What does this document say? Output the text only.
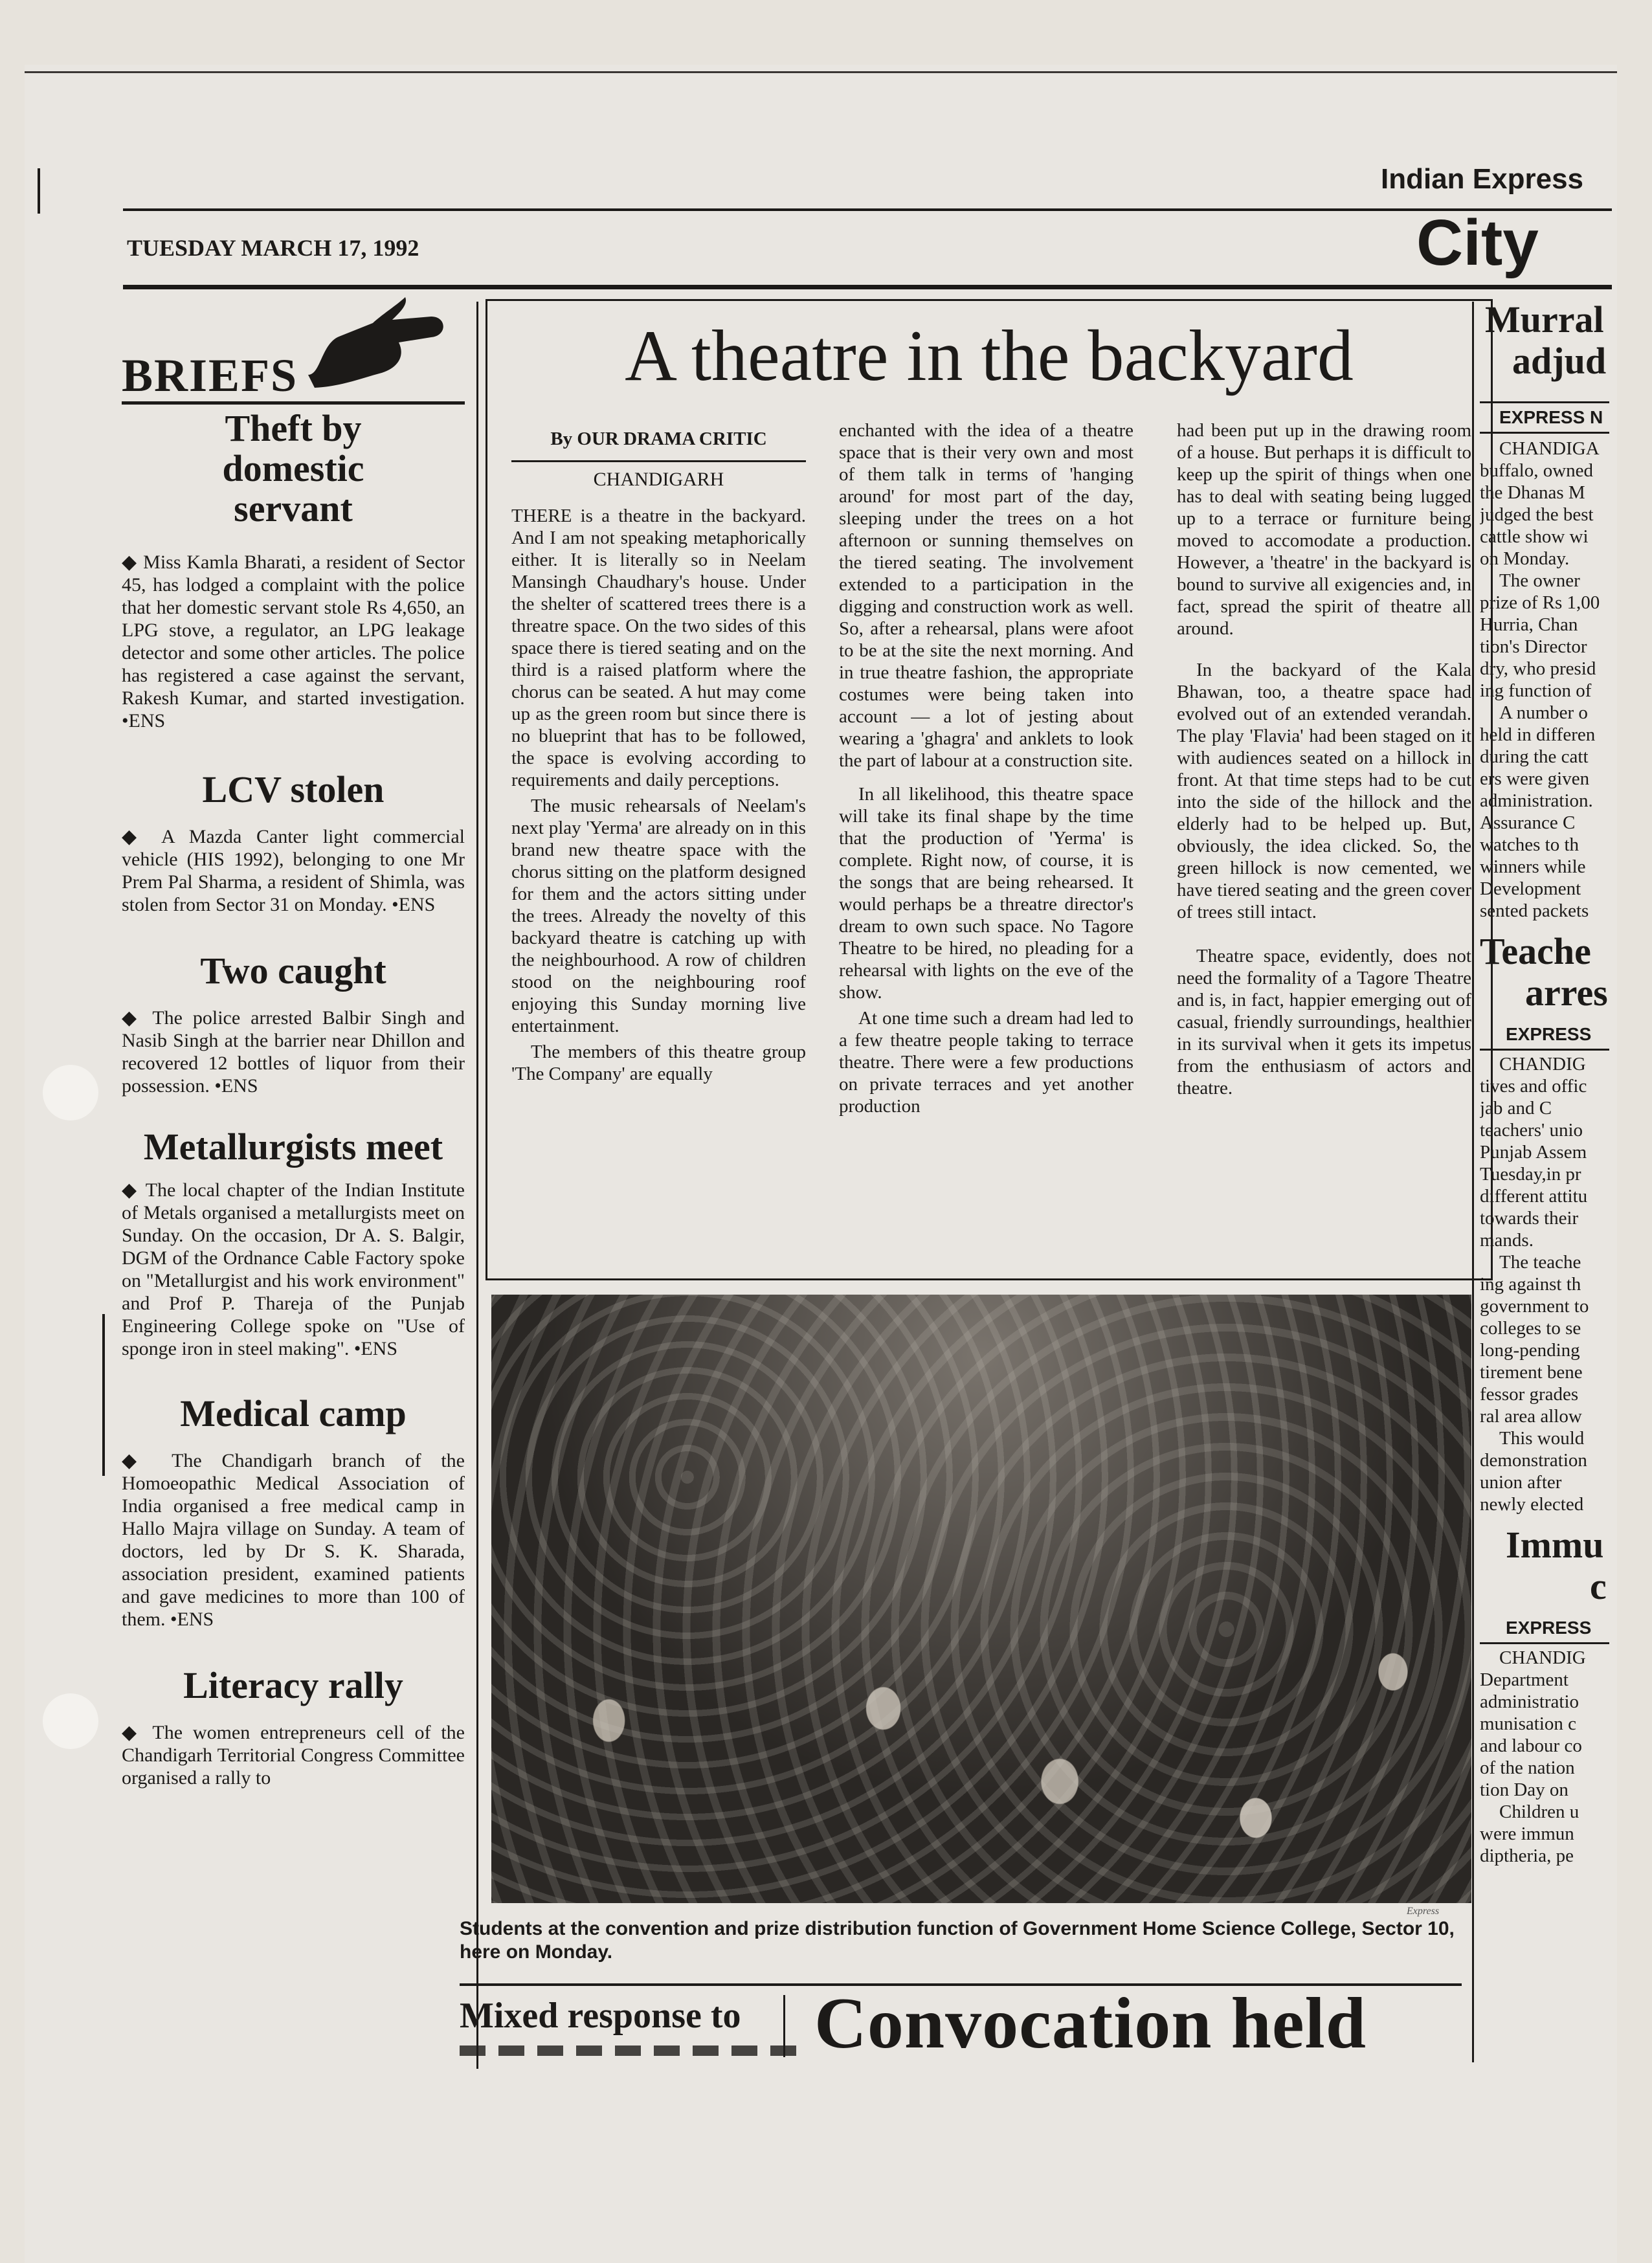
Indian Express
TUESDAY MARCH 17, 1992	City
BRIEFS

Theft by domestic servant

◆ Miss Kamla Bharati, a resident of Sector 45, has lodged a complaint with the police that her domestic servant stole Rs 4,650, an LPG stove, a regulator, an LPG leakage detector and some other articles. The police has registered a case against the servant, Rakesh Kumar, and started investigation. •ENS

LCV stolen

◆ A Mazda Canter light commercial vehicle (HIS 1992), belonging to one Mr Prem Pal Sharma, a resident of Shimla, was stolen from Sector 31 on Monday. •ENS

Two caught

◆ The police arrested Balbir Singh and Nasib Singh at the barrier near Dhillon and recovered 12 bottles of liquor from their possession. •ENS

Metallurgists meet

◆ The local chapter of the Indian Institute of Metals organised a metallurgists meet on Sunday. On the occasion, Dr A. S. Balgir, DGM of the Ordnance Cable Factory spoke on "Metallurgist and his work environment" and Prof P. Thareja of the Punjab Engineering College spoke on "Use of sponge iron in steel making". •ENS

Medical camp

◆ The Chandigarh branch of the Homoeopathic Medical Association of India organised a free medical camp in Hallo Majra village on Sunday. A team of doctors, led by Dr S. K. Sharada, association president, examined patients and gave medicines to more than 100 of them. •ENS

Literacy rally

◆ The women entrepreneurs cell of the Chandigarh Territorial Congress Committee organised a rally to

A theatre in the backyard
By OUR DRAMA CRITIC
CHANDIGARH

THERE is a theatre in the backyard. And I am not speaking metaphorically either. It is literally so in Neelam Mansingh Chaudhary's house. Under the shelter of scattered trees there is a threatre space. On the two sides of this space there is tiered seating and on the third is a raised platform where the chorus can be seated. A hut may come up as the green room but since there is no blueprint that has to be followed, the space is evolving according to requirements and daily perceptions.

The music rehearsals of Neelam's next play 'Yerma' are already on in this brand new theatre space with the chorus sitting on the platform designed for them and the actors sitting under the trees. Already the novelty of this backyard theatre is catching up with the neighbourhood. A row of children stood on the neighbouring roof enjoying this Sunday morning live entertainment.

The members of this theatre group 'The Company' are equally

enchanted with the idea of a theatre space that is their very own and most of them talk in terms of 'hanging around' for most part of the day, sleeping under the trees on a hot afternoon or sunning themselves on the tiered seating. The involvement extended to a participation in the digging and construction work as well. So, after a rehearsal, plans were afoot to be at the site the next morning. And in true theatre fashion, the appropriate costumes were being taken into account — a lot of jesting about wearing a 'ghagra' and anklets to look the part of labour at a construction site.

In all likelihood, this theatre space will take its final shape by the time that the production of 'Yerma' is complete. Right now, of course, it is the songs that are being rehearsed. It would perhaps be a threatre director's dream to own such space. No Tagore Theatre to be hired, no pleading for a rehearsal with lights on the eve of the show.

At one time such a dream had led to a few theatre people taking to terrace theatre. There were a few productions on private terraces and yet another production

had been put up in the drawing room of a house. But perhaps it is difficult to keep up the spirit of things when one has to deal with seating being lugged up to a terrace or furniture being moved to accomodate a production. However, a 'theatre' in the backyard is bound to survive all exigencies and, in fact, spread the spirit of theatre all around.

In the backyard of the Kala Bhawan, too, a theatre space had evolved out of an extended verandah. The play 'Flavia' had been staged on it with audiences seated on a hillock in front. At that time steps had to be cut into the side of the hillock and the elderly had to be helped up. But, obviously, the idea clicked. So, the green hillock is now cemented, we have tiered seating and the green cover of trees still intact.

Theatre space, evidently, does not need the formality of a Tagore Theatre and is, in fact, happier emerging out of casual, friendly surroundings, healthier in its survival when it gets its impetus from the enthusiasm of actors and theatre.

Express
Students at the convention and prize distribution function of Government Home Science College, Sector 10, here on Monday.
Mixed response to Convocation held
Murral
adjud
EXPRESS N
CHANDIGA
buffalo, owned
the Dhanas M
judged the best
cattle show wi
on Monday.
The owner
prize of Rs 1,00
Hurria, Chan
tion's Director
dry, who presid
ing function of
A number o
held in differen
during the catt
ers were given
administration.
Assurance C
watches to th
winners while
Development
sented packets
Teache
arres
EXPRESS
CHANDIG
tives and offic
jab and C
teachers' unio
Punjab Assem
Tuesday,in pr
different attitu
towards their
mands.
The teache
ing against th
government to
colleges to se
long-pending
tirement bene
fessor grades
ral area allow
This would
demonstration
union after
newly elected
Immu
c
EXPRESS
CHANDIG
Department
administratio
munisation c
and labour co
of the nation
tion Day on
Children u
were immun
diptheria, pe
